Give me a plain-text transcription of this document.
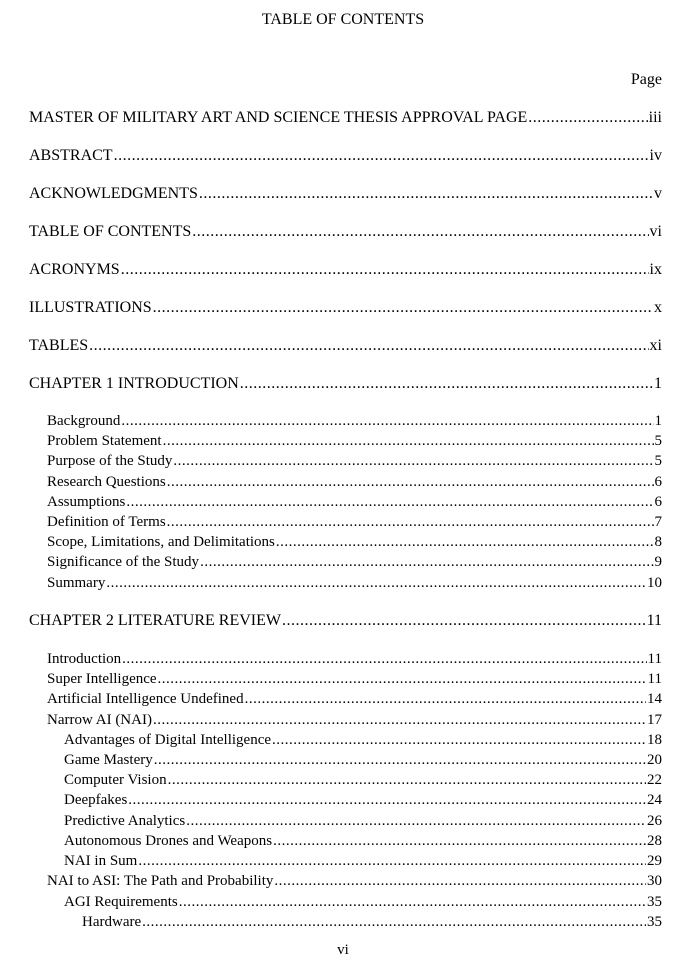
TABLE OF CONTENTS
Page
MASTER OF MILITARY ART AND SCIENCE THESIS APPROVAL PAGE .....	iii
ABSTRACT .....	iv
ACKNOWLEDGMENTS .....	v
TABLE OF CONTENTS .....	vi
ACRONYMS .....	ix
ILLUSTRATIONS .....	x
TABLES .....	xi
CHAPTER 1 INTRODUCTION .....	1
Background .....	1
Problem Statement .....	5
Purpose of the Study .....	5
Research Questions .....	6
Assumptions .....	6
Definition of Terms .....	7
Scope, Limitations, and Delimitations .....	8
Significance of the Study .....	9
Summary .....	10
CHAPTER 2 LITERATURE REVIEW .....	11
Introduction .....	11
Super Intelligence .....	11
Artificial Intelligence Undefined .....	14
Narrow AI (NAI) .....	17
Advantages of Digital Intelligence .....	18
Game Mastery .....	20
Computer Vision .....	22
Deepfakes .....	24
Predictive Analytics .....	26
Autonomous Drones and Weapons .....	28
NAI in Sum .....	29
NAI to ASI: The Path and Probability .....	30
AGI Requirements .....	35
Hardware .....	35
vi
